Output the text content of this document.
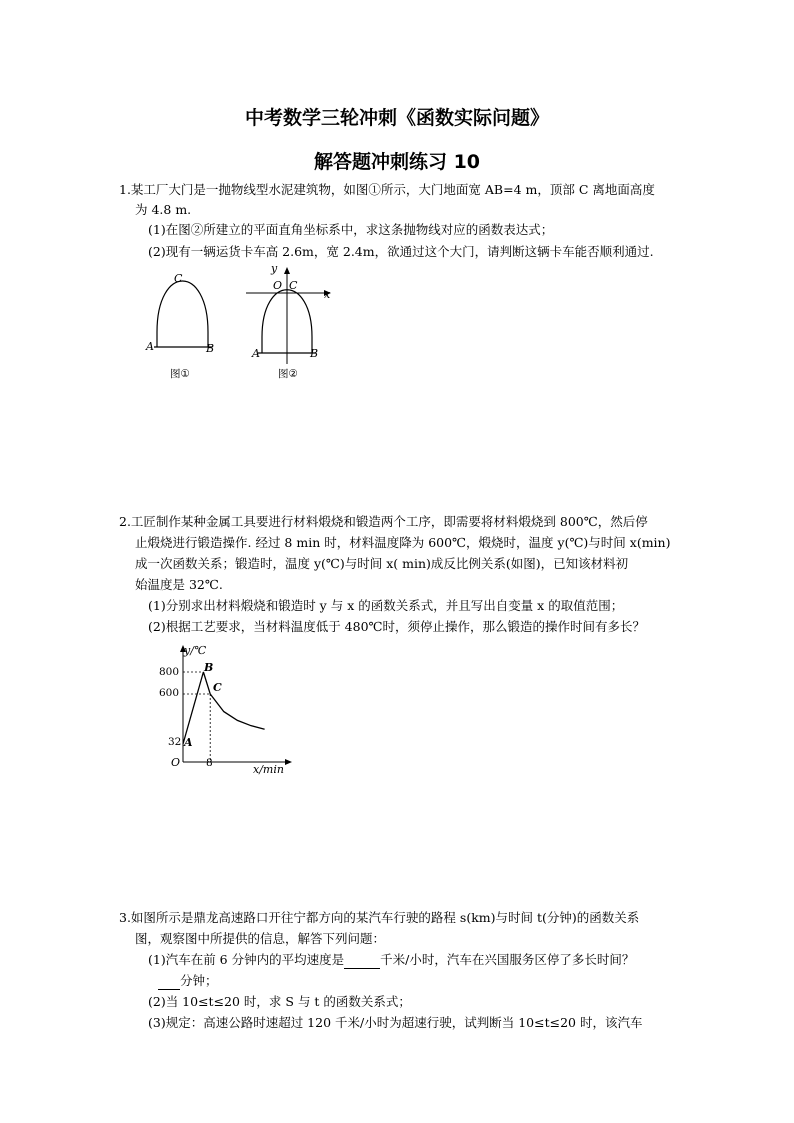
中考数学三轮冲刺《函数实际问题》
解答题冲刺练习 10
1.某工厂大门是一抛物线型水泥建筑物，如图①所示，大门地面宽 AB=4 m，顶部 C 离地面高度
为 4.8 m.
(1)在图②所建立的平面直角坐标系中，求这条抛物线对应的函数表达式；
(2)现有一辆运货卡车高 2.6m，宽 2.4m，欲通过这个大门，请判断这辆卡车能否顺利通过.
C
A	B
图①
y
x
O C
A	B
图②
2.工匠制作某种金属工具要进行材料煅烧和锻造两个工序，即需要将材料煅烧到 800℃，然后停
止煅烧进行锻造操作. 经过 8 min 时，材料温度降为 600℃，煅烧时，温度 y(℃)与时间 x(min)
成一次函数关系；锻造时，温度 y(℃)与时间 x( min)成反比例关系(如图)，已知该材料初
始温度是 32℃.
(1)分别求出材料煅烧和锻造时 y 与 x 的函数关系式，并且写出自变量 x 的取值范围；
(2)根据工艺要求，当材料温度低于 480℃时，须停止操作，那么锻造的操作时间有多长？
y/℃
x/min
O
800
600
32
8
B
C
A
3.如图所示是鼎龙高速路口开往宁都方向的某汽车行驶的路程 s(km)与时间 t(分钟)的函数关系
图，观察图中所提供的信息，解答下列问题：
(1)汽车在前 6 分钟内的平均速度是	千米/小时，汽车在兴国服务区停了多长时间？
分钟；
(2)当 10≤t≤20 时，求 S 与 t 的函数关系式；
(3)规定：高速公路时速超过 120 千米/小时为超速行驶，试判断当 10≤t≤20 时，该汽车
